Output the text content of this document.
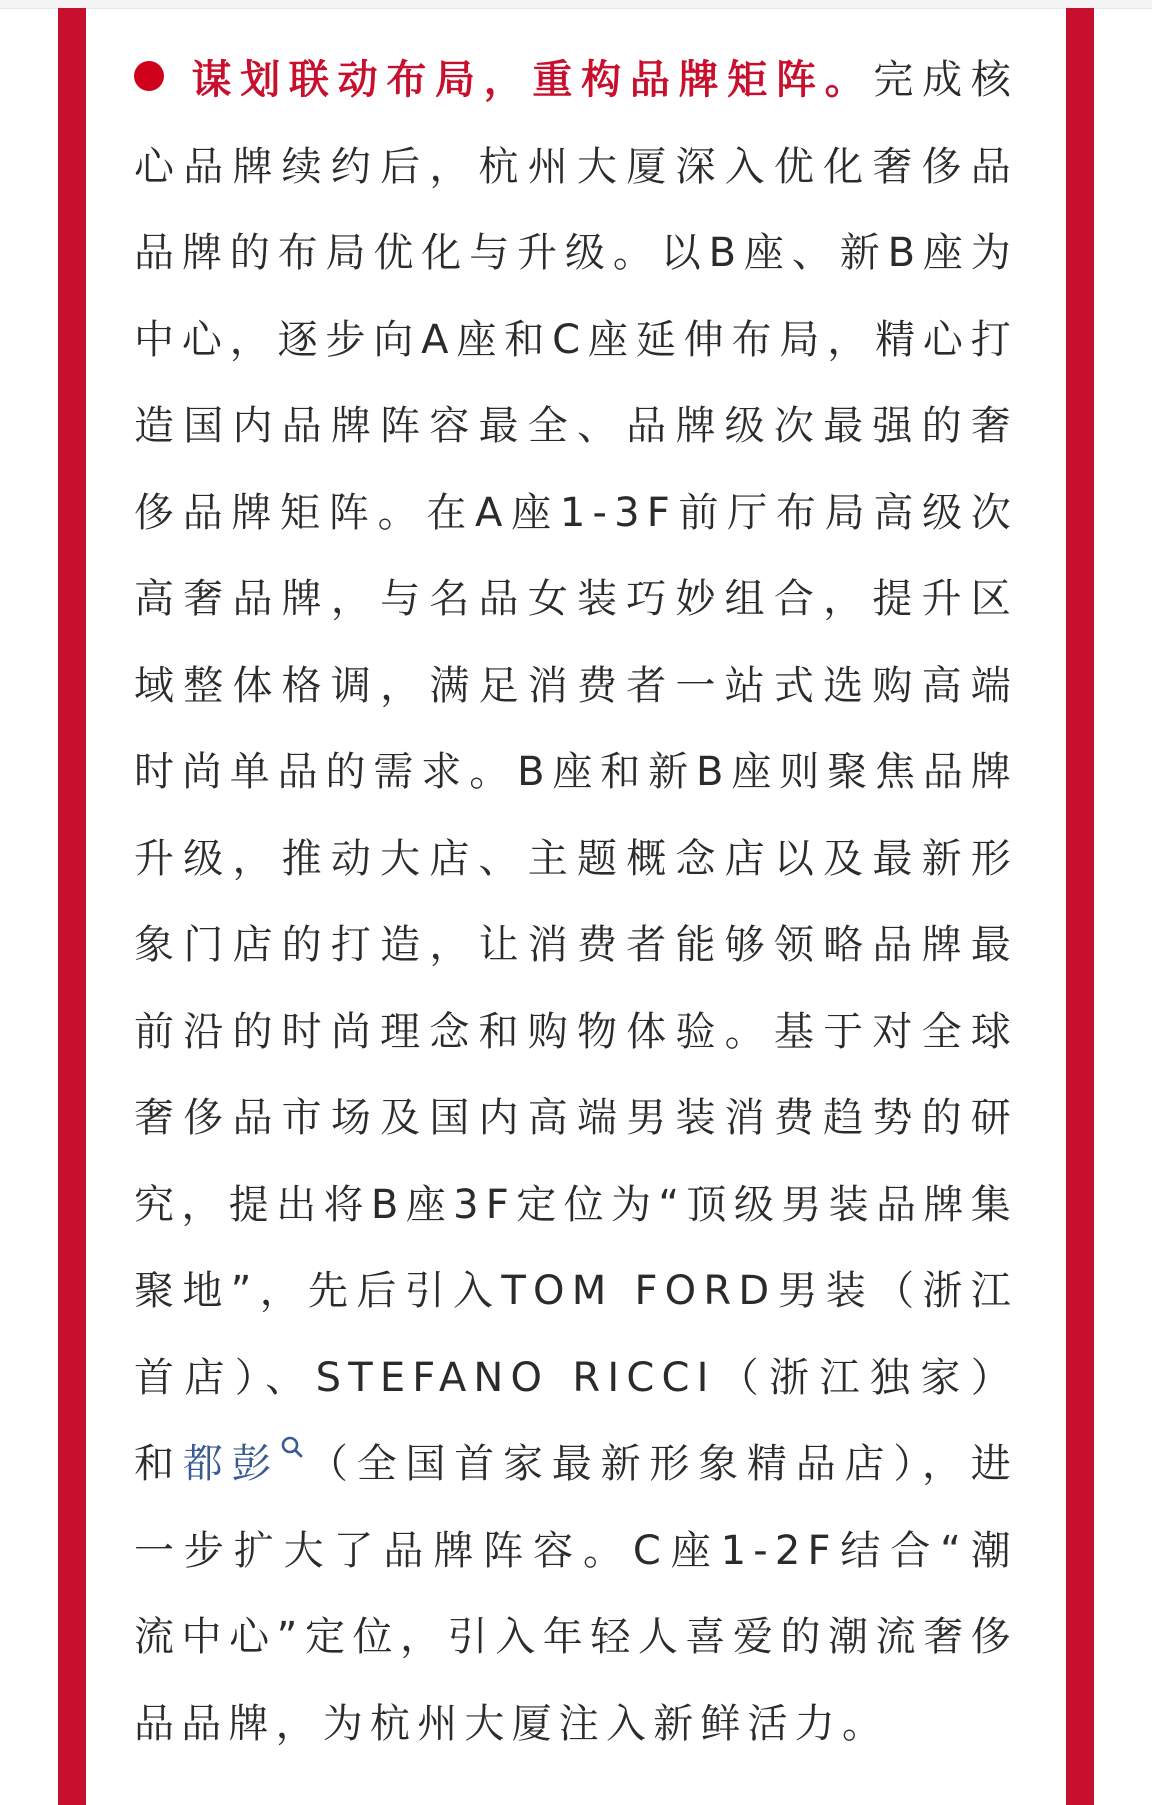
谋划联动布局，重构品牌矩阵。完成核心品牌续约后，杭州大厦深入优化奢侈品品牌的布局优化与升级。以B座、新B座为中心，逐步向A座和C座延伸布局，精心打造国内品牌阵容最全、品牌级次最强的奢侈品牌矩阵。在A座1-3F前厅布局高级次高奢品牌，与名品女装巧妙组合，提升区域整体格调，满足消费者一站式选购高端时尚单品的需求。B座和新B座则聚焦品牌升级，推动大店、主题概念店以及最新形象门店的打造，让消费者能够领略品牌最前沿的时尚理念和购物体验。基于对全球奢侈品市场及国内高端男装消费趋势的研究，提出将B座3F定位为“顶级男装品牌集聚地”，先后引入TOM FORD男装（浙江首店）、STEFANO RICCI（浙江独家）和都彭 （全国首家最新形象精品店），进一步扩大了品牌阵容。C座1-2F结合“潮流中心”定位，引入年轻人喜爱的潮流奢侈品品牌，为杭州大厦注入新鲜活力。
